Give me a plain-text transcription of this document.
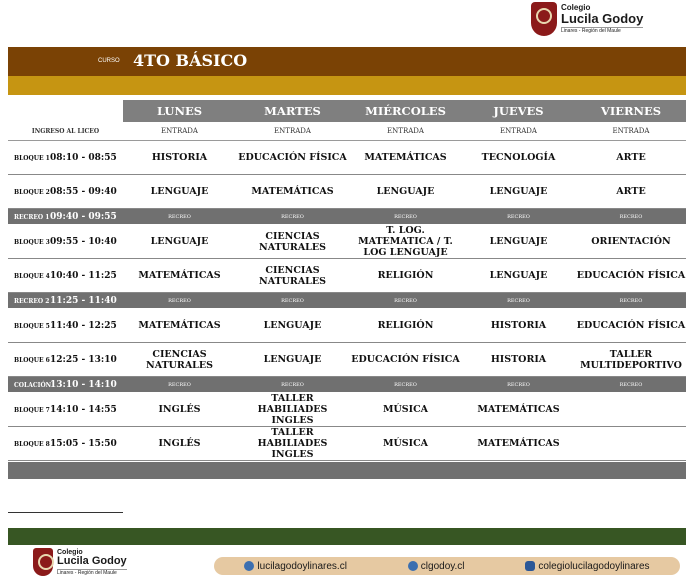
Colegio
Lucila Godoy
Linares - Región del Maule
CURSO 4TO BÁSICO
	LUNES	MARTES	MIÉRCOLES	JUEVES	VIERNES
INGRESO AL LICEO	ENTRADA	ENTRADA	ENTRADA	ENTRADA	ENTRADA
BLOQUE 108:10 - 08:55	HISTORIA	EDUCACIÓN FÍSICA	MATEMÁTICAS	TECNOLOGÍA	ARTE
BLOQUE 208:55 - 09:40	LENGUAJE	MATEMÁTICAS	LENGUAJE	LENGUAJE	ARTE
RECREO 109:40 - 09:55	RECREO	RECREO	RECREO	RECREO	RECREO
BLOQUE 309:55 - 10:40	LENGUAJE	CIENCIAS NATURALES	T. LOG. MATEMATICA / T. LOG LENGUAJE	LENGUAJE	ORIENTACIÓN
BLOQUE 410:40 - 11:25	MATEMÁTICAS	CIENCIAS NATURALES	RELIGIÓN	LENGUAJE	EDUCACIÓN FÍSICA
RECREO 211:25 - 11:40	RECREO	RECREO	RECREO	RECREO	RECREO
BLOQUE 511:40 - 12:25	MATEMÁTICAS	LENGUAJE	RELIGIÓN	HISTORIA	EDUCACIÓN FÍSICA
BLOQUE 612:25 - 13:10	CIENCIAS NATURALES	LENGUAJE	EDUCACIÓN FÍSICA	HISTORIA	TALLER MULTIDEPORTIVO
COLACIÓN13:10 - 14:10	RECREO	RECREO	RECREO	RECREO	RECREO
BLOQUE 714:10 - 14:55	INGLÉS	TALLER HABILIADES INGLES	MÚSICA	MATEMÁTICAS	
BLOQUE 815:05 - 15:50	INGLÉS	TALLER HABILIADES INGLES	MÚSICA	MATEMÁTICAS	
Colegio
Lucila Godoy
Linares - Región del Maule
lucilagodoylinares.cl	clgodoy.cl	colegiolucilagodoylinares
